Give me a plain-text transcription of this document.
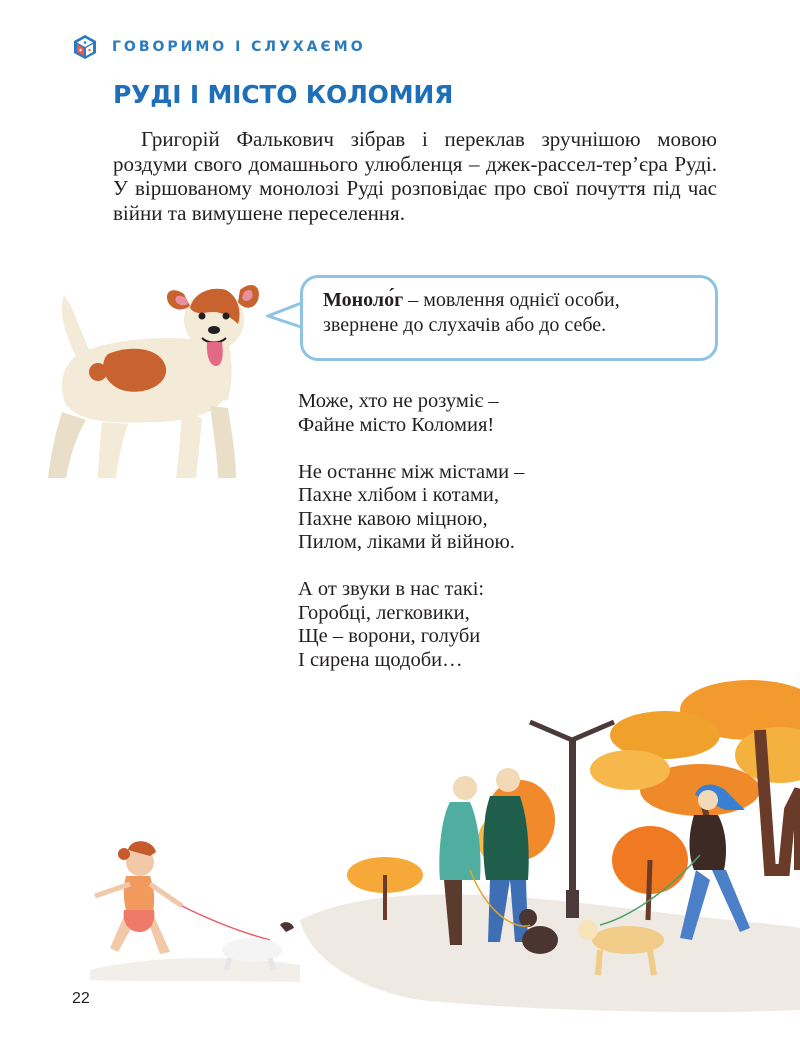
ГОВОРИМО І СЛУХАЄМО
РУДІ І МІСТО КОЛОМИЯ

Григорій Фалькович зібрав і переклав зручнішою мовою роздуми свого домашнього улюбленця – джек-рассел-тер’єра Руді. У віршованому монолозі Руді розповідає про свої почуття під час війни та вимушене переселення.

Моноло́г – мовлення однієї особи, звернене до слухачів або до себе.
Може, хто не розуміє –
Файне місто Коломия!
Не останнє між містами –
Пахне хлібом і котами,
Пахне кавою міцною,
Пилом, ліками й війною.
А от звуки в нас такі:
Горобці, легковики,
Ще – ворони, голуби
І сирена щодоби…
22
